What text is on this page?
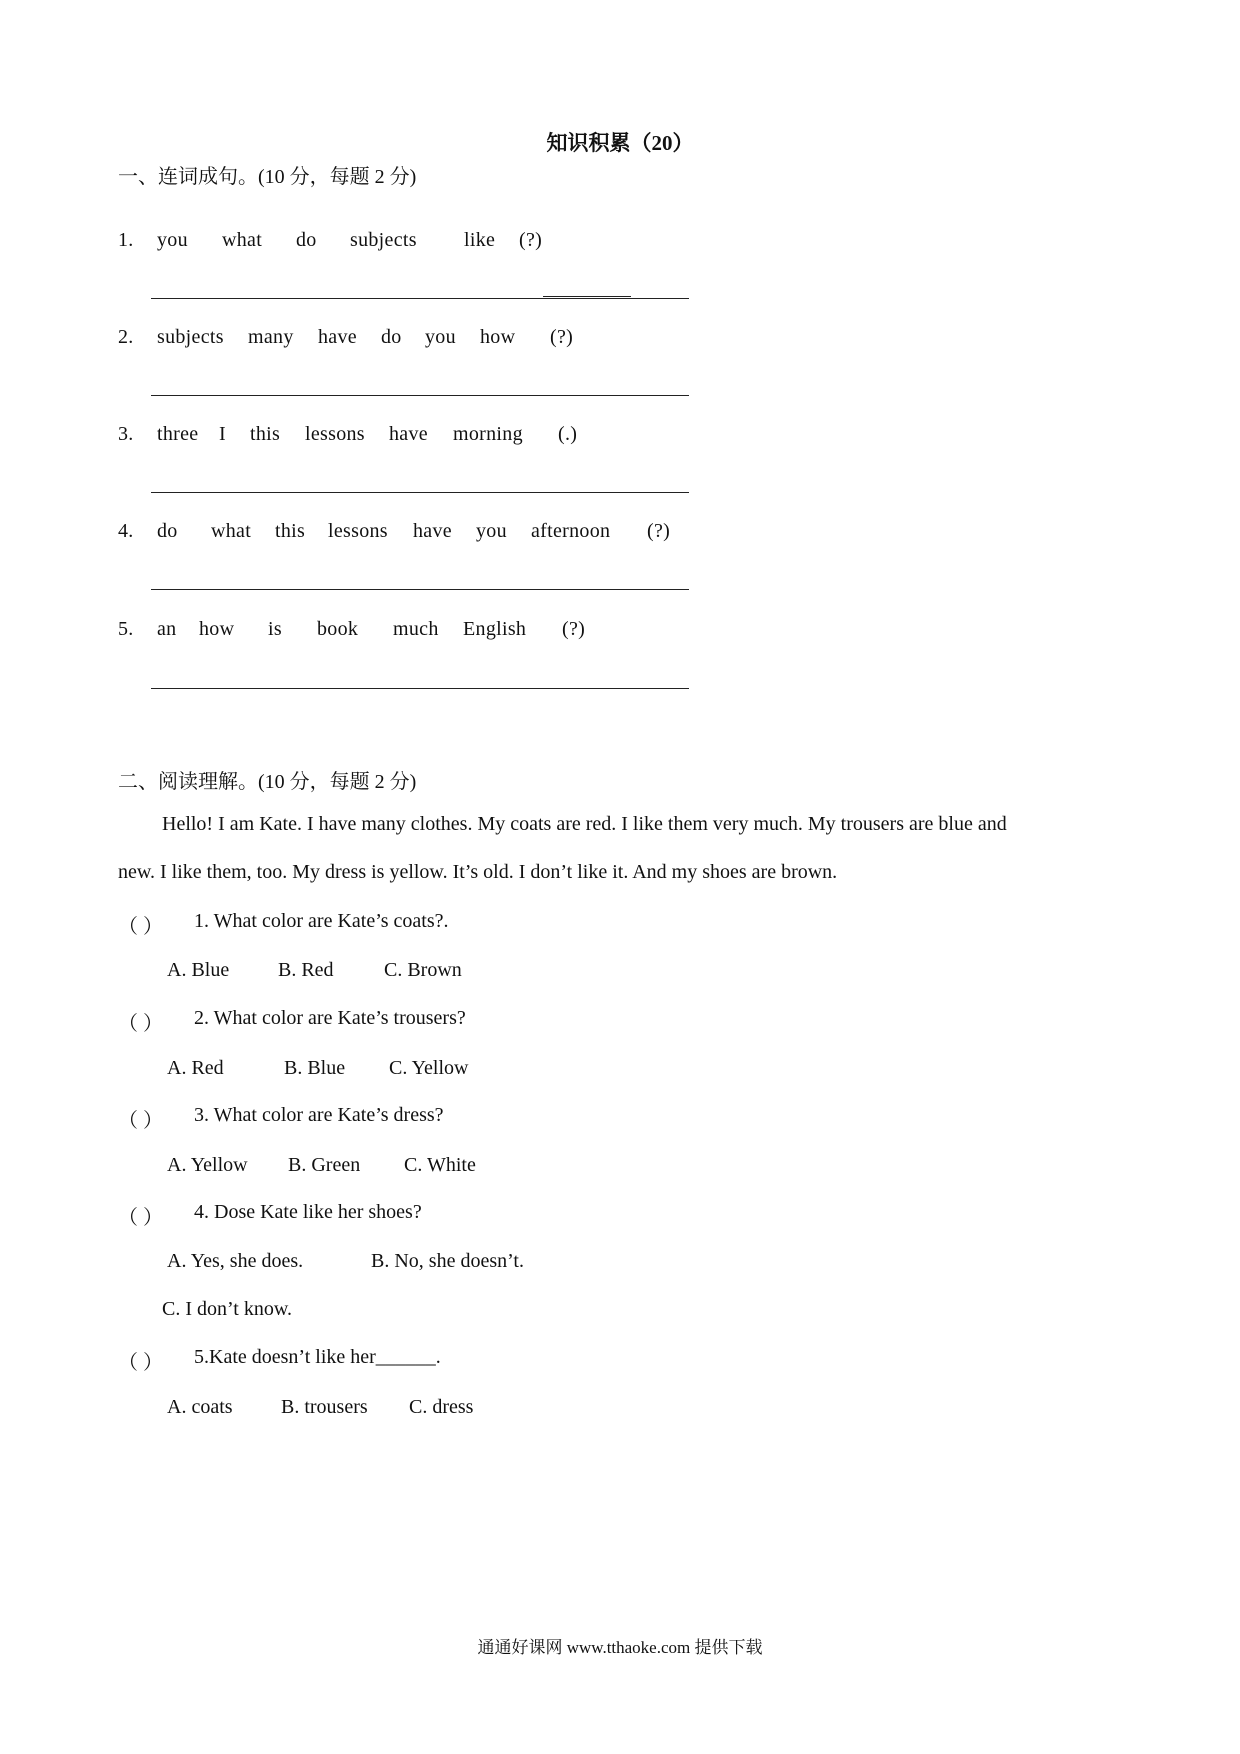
知识积累（20）
一、连词成句。(10 分，每题 2 分)
1. you what do subjects like (?)
2. subjects many have do you how (?)
3. three I this lessons have morning (.)
4. do what this lessons have you afternoon (?)
5. an how is book much English (?)
二、阅读理解。(10 分，每题 2 分)

Hello! I am Kate. I have many clothes. My coats are red. I like them very much. My trousers are blue and

new. I like them, too. My dress is yellow. It’s old. I don’t like it. And my shoes are brown.

（ ） 1. What color are Kate’s coats?.
A. Blue B. Red	C. Brown
（ ） 2. What color are Kate’s trousers?
A. Red	B. Blue C. Yellow
（ ） 3. What color are Kate’s dress?
A. Yellow B. Green C. White
（ ） 4. Dose Kate like her shoes?
A. Yes, she does.	B. No, she doesn’t.
C. I don’t know.
（ ） 5.Kate doesn’t like her______.
A. coats B. trousers C. dress
通通好课网 www.tthaoke.com 提供下载
